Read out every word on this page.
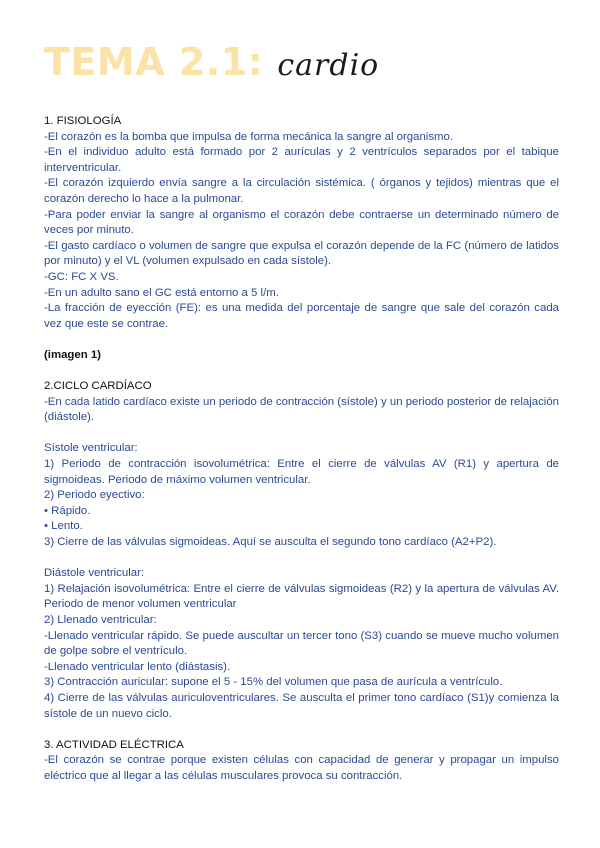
TEMA 2.1: cardio

1. FISIOLOGÍA

-El corazón es la bomba que impulsa de forma mecánica la sangre al organismo.

-En el individuo adulto está formado por 2 aurículas y 2 ventrículos separados por el tabique interventricular.

-El corazón izquierdo envía sangre a la circulación sistémica. ( órganos y tejidos) mientras que el corazón derecho lo hace a la pulmonar.

-Para poder enviar la sangre al organismo el corazón debe contraerse un determinado número de veces por minuto.

-El gasto cardíaco o volumen de sangre que expulsa el corazón depende de la FC (número de latidos por minuto) y el VL (volumen expulsado en cada sístole).

-GC: FC X VS.

-En un adulto sano el GC está entorno a 5 l/m.

-La fracción de eyección (FE): es una medida del porcentaje de sangre que sale del corazón cada vez que este se contrae.

(imagen 1)

2.CICLO CARDÍACO

-En cada latido cardíaco existe un periodo de contracción (sístole) y un periodo posterior de relajación (diástole).

Sístole ventricular:

1) Periodo de contracción isovolumétrica: Entre el cierre de válvulas AV (R1) y apertura de sigmoideas. Periodo de máximo volumen ventricular.

2) Periodo eyectivo:

• Rápido.

• Lento.

3) Cierre de las válvulas sigmoideas. Aquí se ausculta el segundo tono cardíaco (A2+P2).

Diástole ventricular:

1) Relajación isovolumétrica: Entre el cierre de válvulas sigmoideas (R2) y la apertura de válvulas AV. Periodo de menor volumen ventricular

2) Llenado ventricular:

-Llenado ventricular rápido. Se puede auscultar un tercer tono (S3) cuando se mueve mucho volumen de golpe sobre el ventrículo.

-Llenado ventricular lento (diástasis).

3) Contracción auricular: supone el 5 - 15% del volumen que pasa de aurícula a ventrículo.

4) Cierre de las válvulas auriculoventriculares. Se ausculta el primer tono cardíaco (S1)y comienza la sístole de un nuevo ciclo.

3. ACTIVIDAD ELÉCTRICA

-El corazón se contrae porque existen células con capacidad de generar y propagar un impulso eléctrico que al llegar a las células musculares provoca su contracción.
